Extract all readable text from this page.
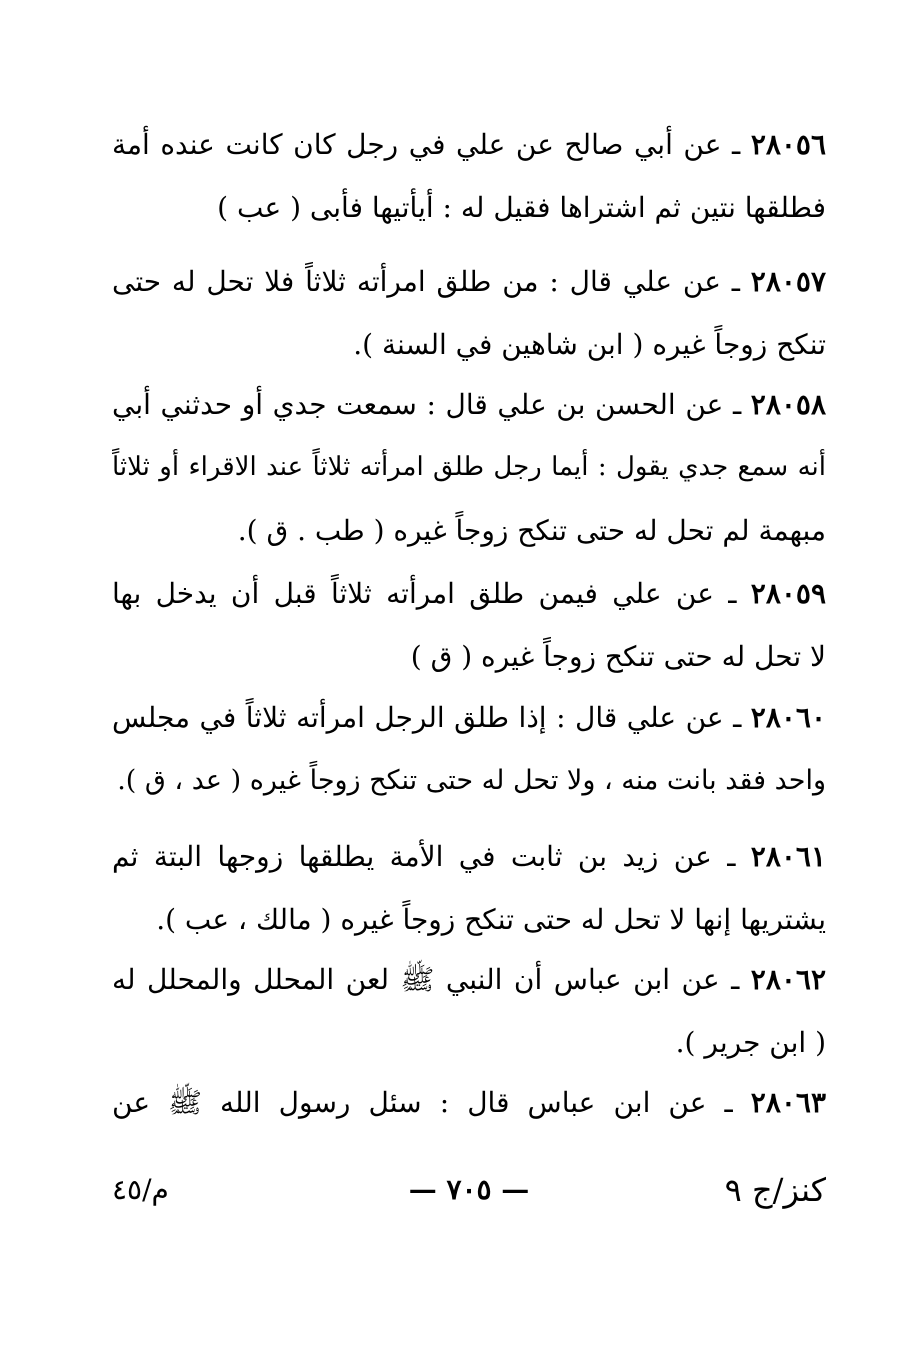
٢٨٠٥٦ ـ عن أبي صالح عن علي في رجل كان كانت عنده أمة
فطلقها نتين ثم اشتراها فقيل له : أيأتيها فأبى ( عب )
٢٨٠٥٧ ـ عن علي قال : من طلق امرأته ثلاثاً فلا تحل له حتى
تنكح زوجاً غيره ( ابن شاهين في السنة ).
٢٨٠٥٨ ـ عن الحسن بن علي قال : سمعت جدي أو حدثني أبي
أنه سمع جدي يقول : أيما رجل طلق امرأته ثلاثاً عند الاقراء أو ثلاثاً
مبهمة لم تحل له حتى تنكح زوجاً غيره ( طب . ق ).
٢٨٠٥٩ ـ عن علي فيمن طلق امرأته ثلاثاً قبل أن يدخل بها
لا تحل له حتى تنكح زوجاً غيره ( ق )
٢٨٠٦٠ ـ عن علي قال : إذا طلق الرجل امرأته ثلاثاً في مجلس
واحد فقد بانت منه ، ولا تحل له حتى تنكح زوجاً غيره ( عد ، ق ).
٢٨٠٦١ ـ عن زيد بن ثابت في الأمة يطلقها زوجها البتة ثم
يشتريها إنها لا تحل له حتى تنكح زوجاً غيره ( مالك ، عب ).
٢٨٠٦٢ ـ عن ابن عباس أن النبي ﷺ لعن المحلل والمحلل له
( ابن جرير ).
٢٨٠٦٣ ـ عن ابن عباس قال : سئل رسول الله ﷺ عن
كنز/ج ٩
— ٧٠٥ —
م/٤٥
